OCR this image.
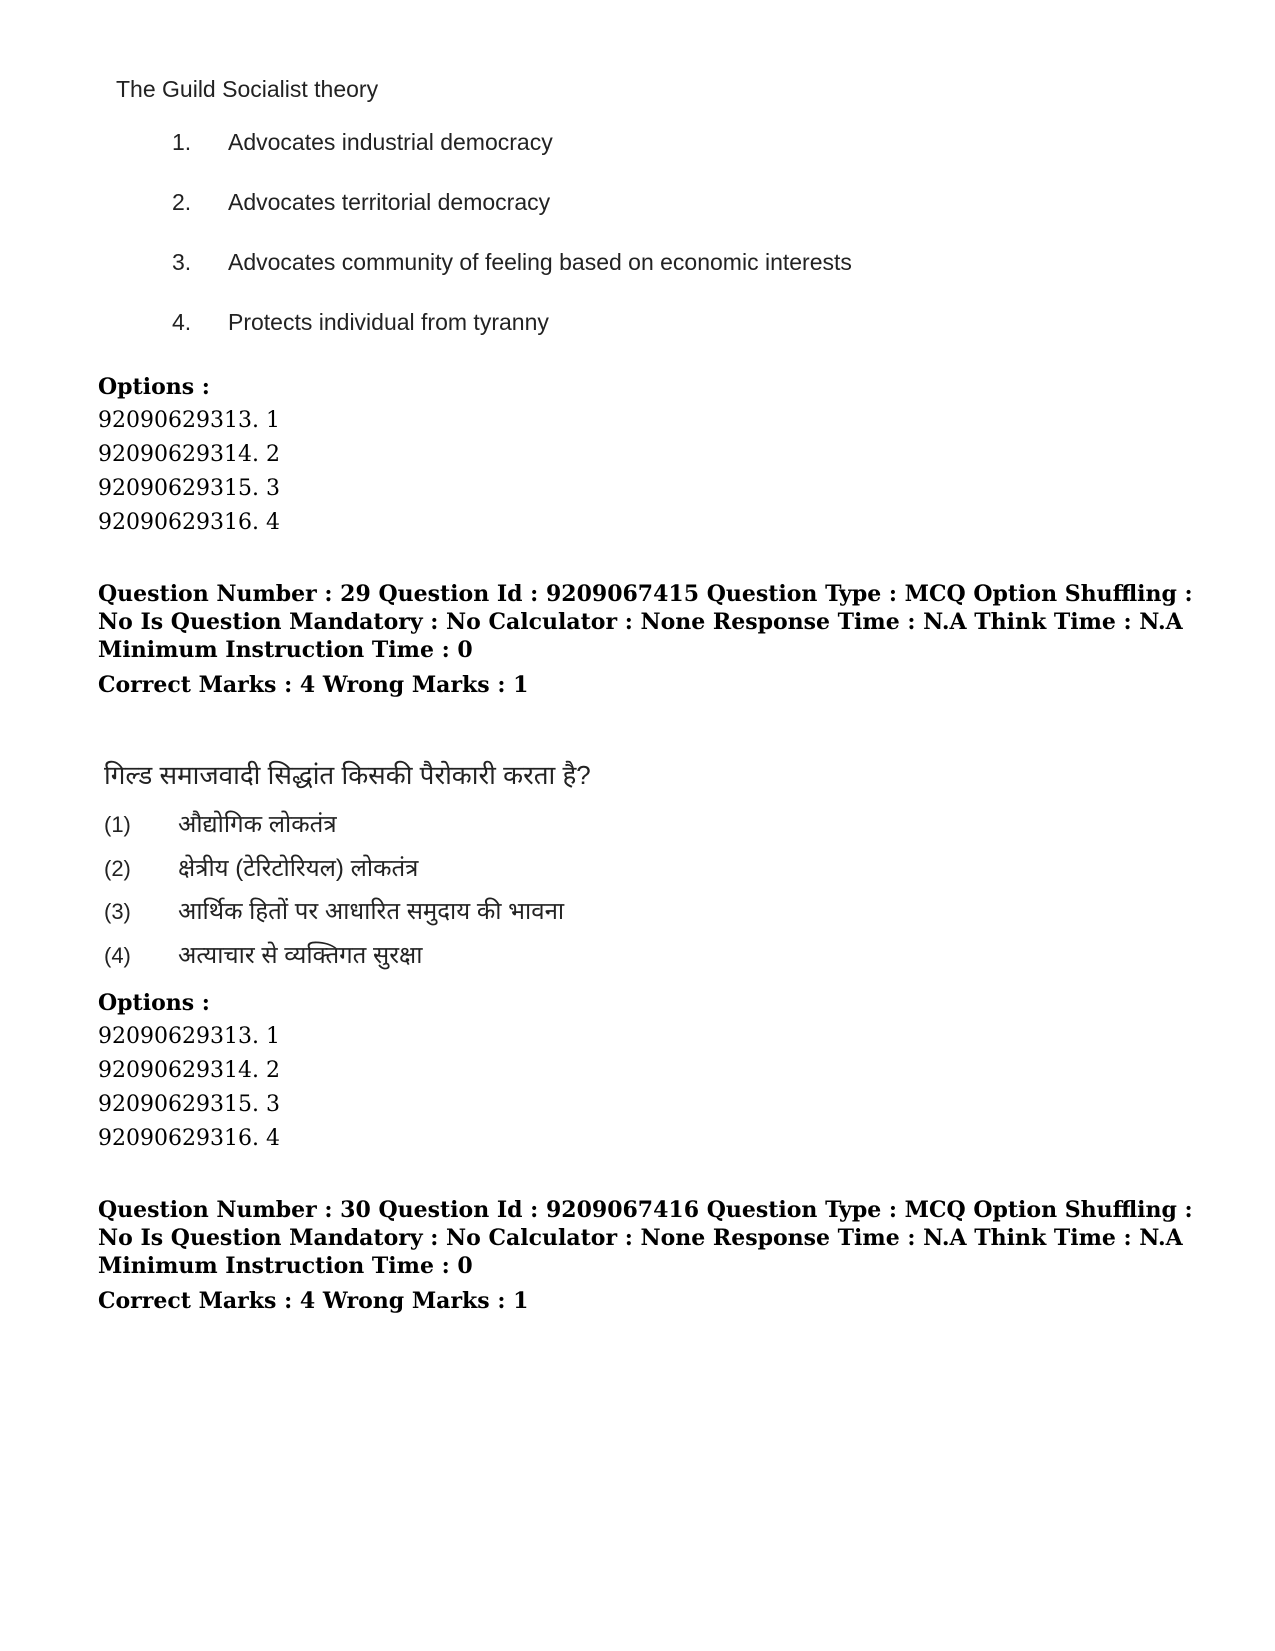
The Guild Socialist theory
1.	Advocates industrial democracy
2.	Advocates territorial democracy
3.	Advocates community of feeling based on economic interests
4.	Protects individual from tyranny
Options :
92090629313. 1
92090629314. 2
92090629315. 3
92090629316. 4
Question Number : 29 Question Id : 9209067415 Question Type : MCQ Option Shuffling : No Is Question Mandatory : No Calculator : None Response Time : N.A Think Time : N.A Minimum Instruction Time : 0
Correct Marks : 4 Wrong Marks : 1
गिल्ड समाजवादी सिद्धांत किसकी पैरोकारी करता है?
(1)	औद्योगिक लोकतंत्र
(2)	क्षेत्रीय (टेरिटोरियल) लोकतंत्र
(3)	आर्थिक हितों पर आधारित समुदाय की भावना
(4)	अत्याचार से व्यक्तिगत सुरक्षा
Options :
92090629313. 1
92090629314. 2
92090629315. 3
92090629316. 4
Question Number : 30 Question Id : 9209067416 Question Type : MCQ Option Shuffling : No Is Question Mandatory : No Calculator : None Response Time : N.A Think Time : N.A Minimum Instruction Time : 0
Correct Marks : 4 Wrong Marks : 1
